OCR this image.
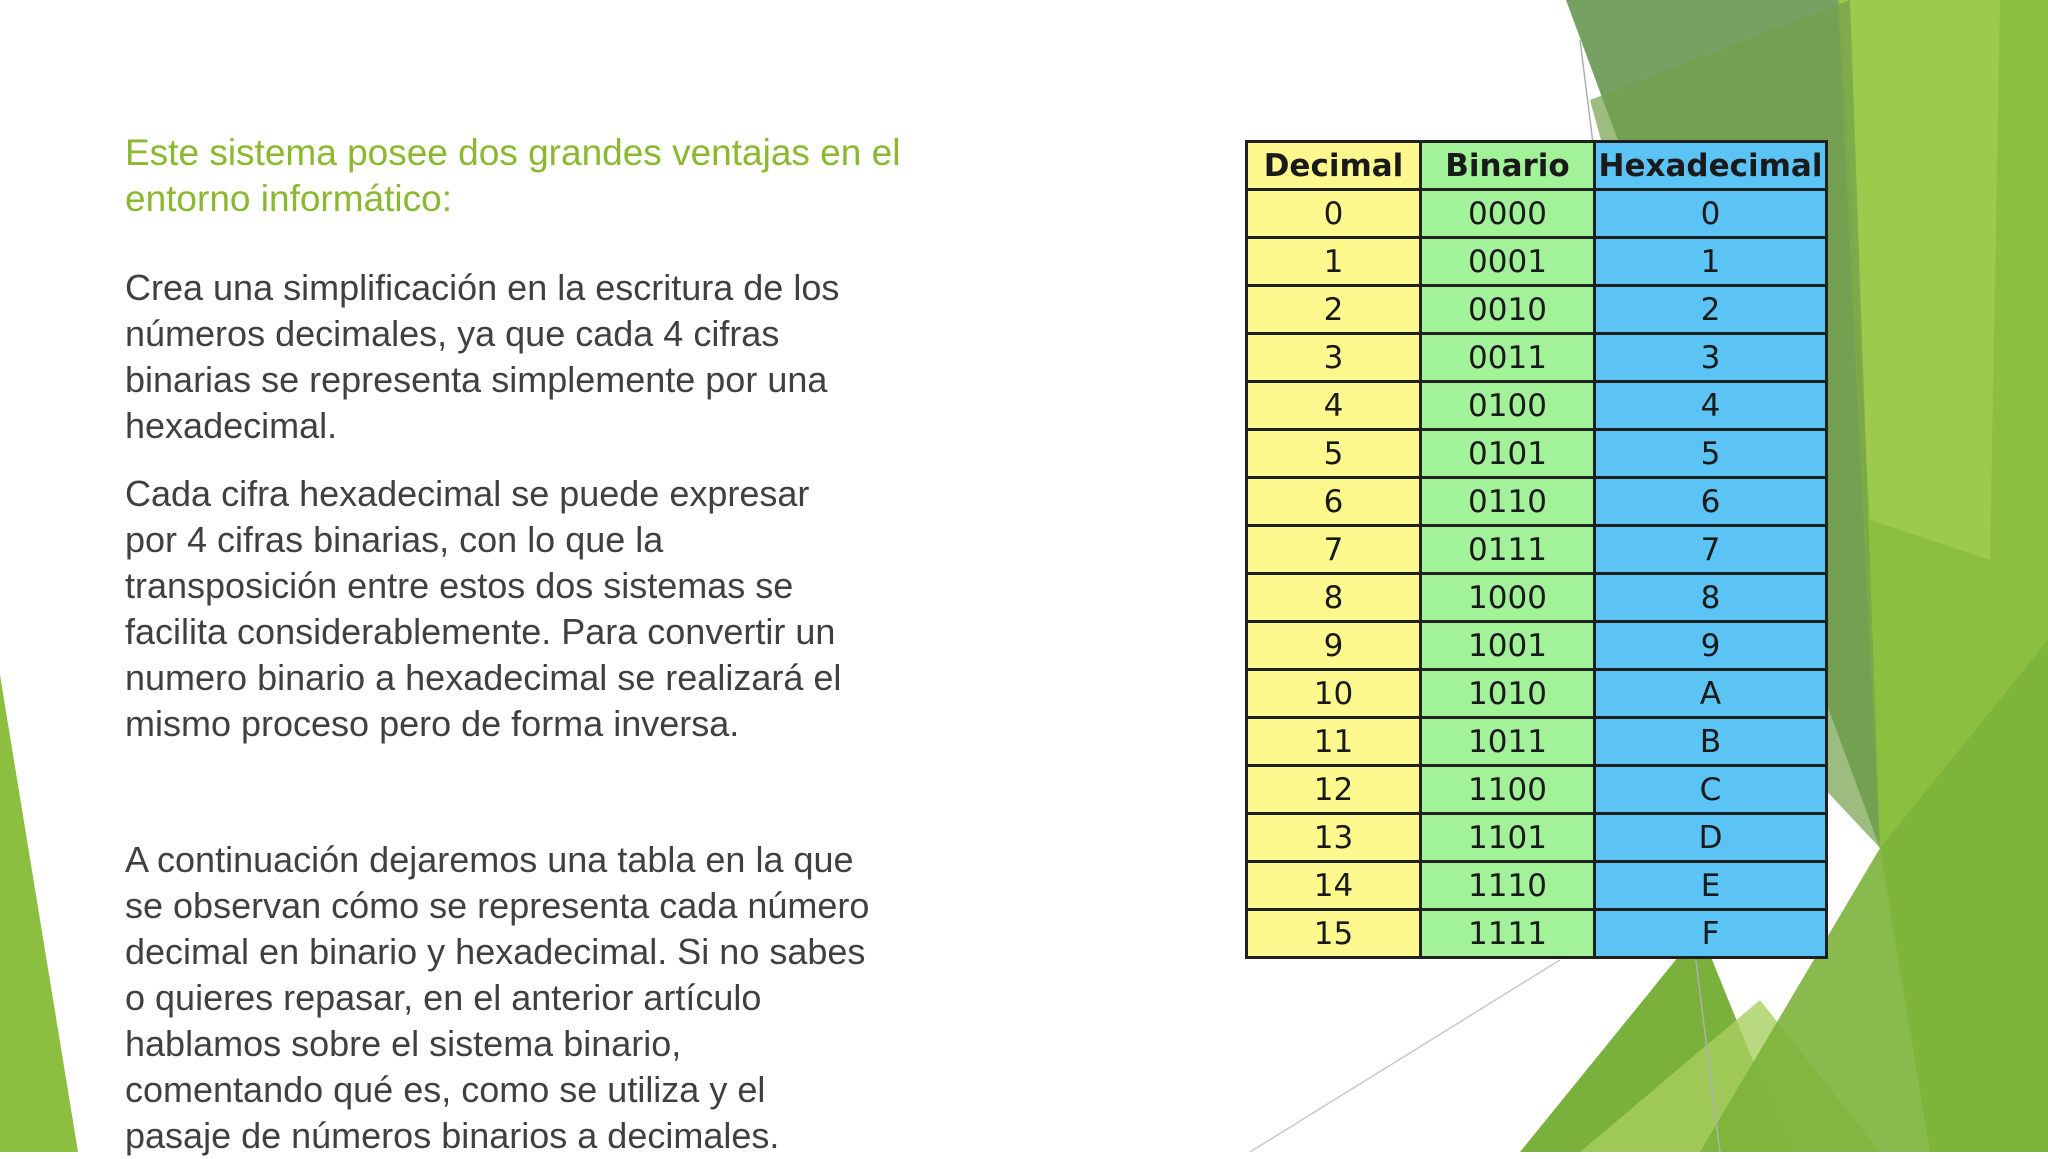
Este sistema posee dos grandes ventajas en el entorno informático:

Crea una simplificación en la escritura de los
números decimales, ya que cada 4 cifras
binarias se representa simplemente por una
hexadecimal.

Cada cifra hexadecimal se puede expresar
por 4 cifras binarias, con lo que la
transposición entre estos dos sistemas se
facilita considerablemente. Para convertir un
numero binario a hexadecimal se realizará el
mismo proceso pero de forma inversa.

A continuación dejaremos una tabla en la que
se observan cómo se representa cada número
decimal en binario y hexadecimal. Si no sabes
o quieres repasar, en el anterior artículo
hablamos sobre el sistema binario,
comentando qué es, como se utiliza y el
pasaje de números binarios a decimales.

Decimal	Binario	Hexadecimal
0	0000	0
1	0001	1
2	0010	2
3	0011	3
4	0100	4
5	0101	5
6	0110	6
7	0111	7
8	1000	8
9	1001	9
10	1010	A
11	1011	B
12	1100	C
13	1101	D
14	1110	E
15	1111	F
